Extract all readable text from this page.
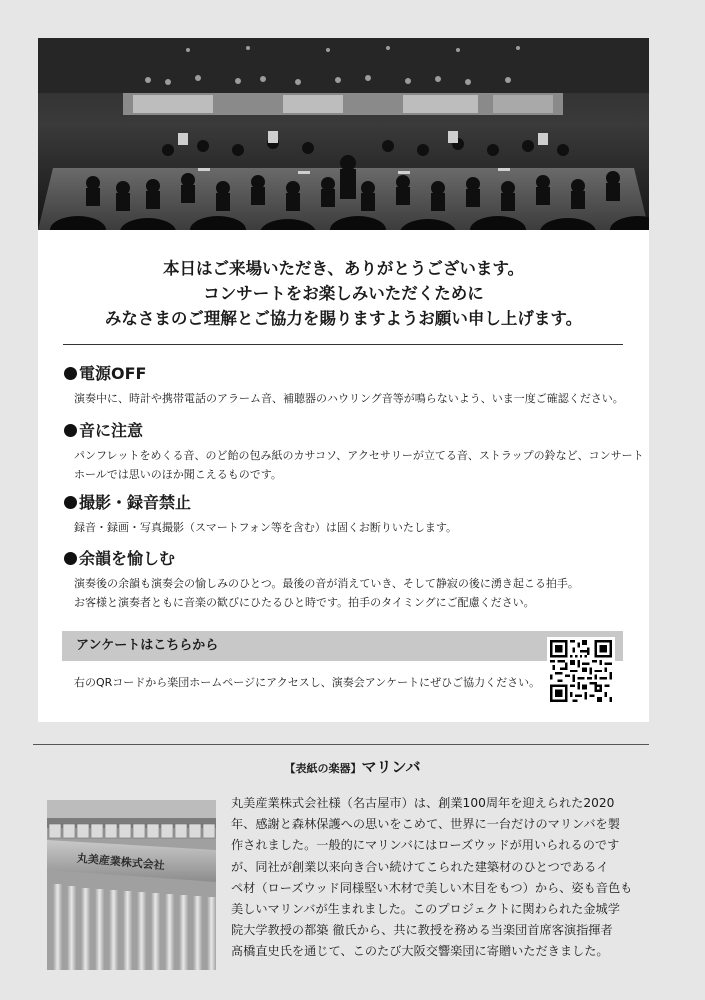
本日はご来場いただき、ありがとうございます。
コンサートをお楽しみいただくために
みなさまのご理解とご協力を賜りますようお願い申し上げます。
電源OFF
演奏中に、時計や携帯電話のアラーム音、補聴器のハウリング音等が鳴らないよう、いま一度ご確認ください。
音に注意
パンフレットをめくる音、のど飴の包み紙のカサコソ、アクセサリーが立てる音、ストラップの鈴など、コンサート
ホールでは思いのほか聞こえるものです。
撮影・録音禁止
録音・録画・写真撮影（スマートフォン等を含む）は固くお断りいたします。
余韻を愉しむ
演奏後の余韻も演奏会の愉しみのひとつ。最後の音が消えていき、そして静寂の後に湧き起こる拍手。
お客様と演奏者ともに音楽の歓びにひたるひと時です。拍手のタイミングにご配慮ください。
アンケートはこちらから
右のQRコードから楽団ホームページにアクセスし、演奏会アンケートにぜひご協力ください。
【表紙の楽器】マリンバ
丸美産業株式会社
丸美産業株式会社様（名古屋市）は、創業100周年を迎えられた2020
年、感謝と森林保護への思いをこめて、世界に一台だけのマリンバを製
作されました。一般的にマリンバにはローズウッドが用いられるのです
が、同社が創業以来向き合い続けてこられた建築材のひとつであるイ
ペ材（ローズウッド同様堅い木材で美しい木目をもつ）から、姿も音色も
美しいマリンバが生まれました。このプロジェクトに関わられた金城学
院大学教授の都築 徹氏から、共に教授を務める当楽団首席客演指揮者
髙橋直史氏を通じて、このたび大阪交響楽団に寄贈いただきました。
